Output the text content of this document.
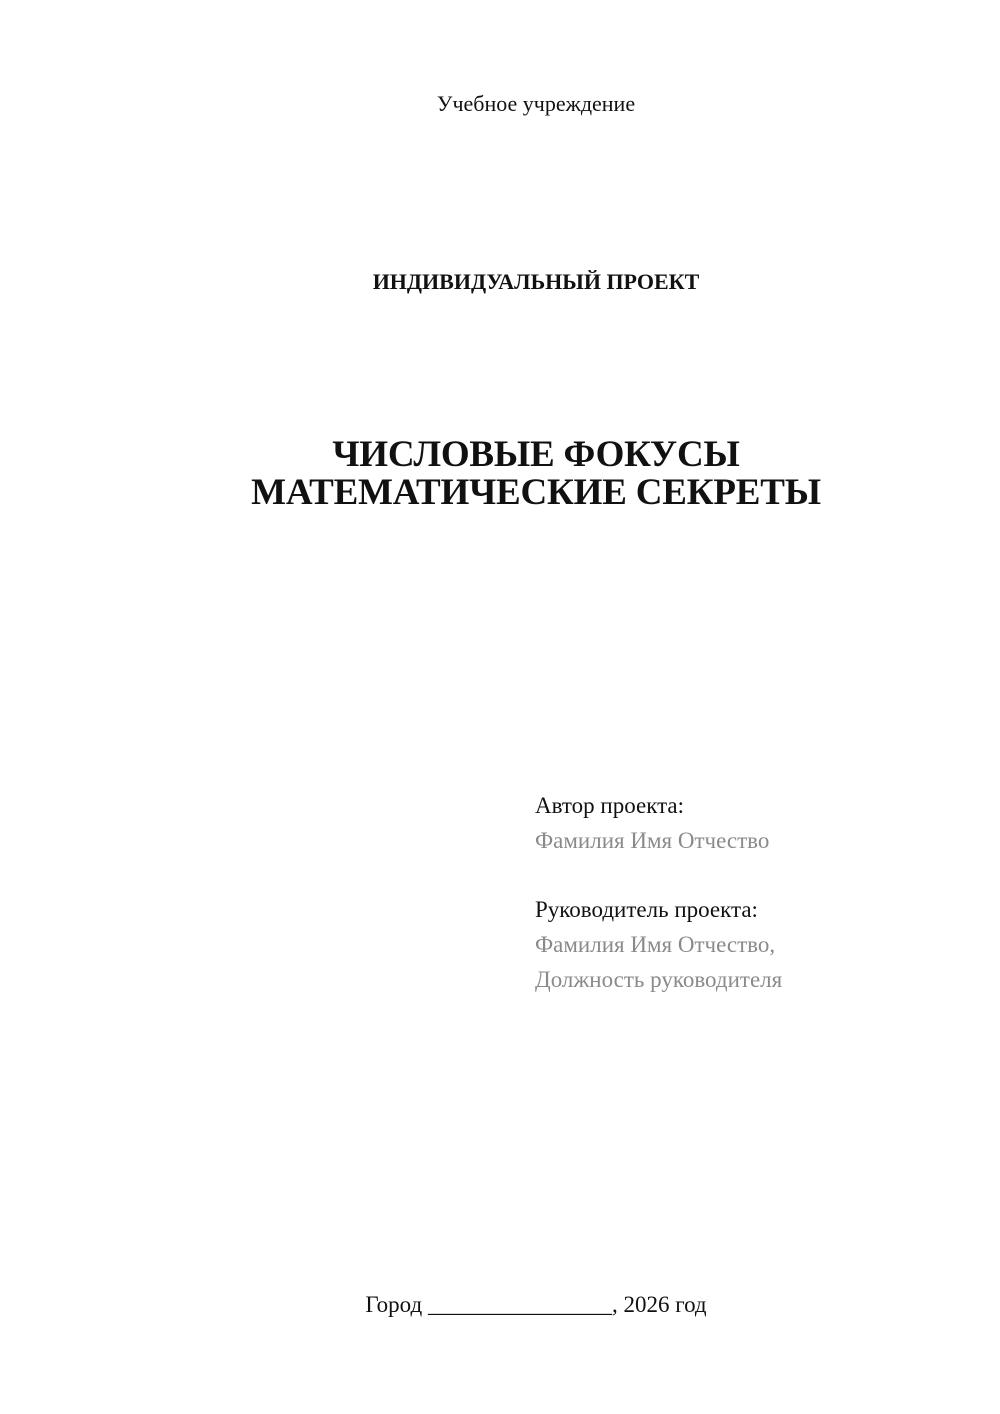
Учебное учреждение
ИНДИВИДУАЛЬНЫЙ ПРОЕКТ
ЧИСЛОВЫЕ ФОКУСЫ
МАТЕМАТИЧЕСКИЕ СЕКРЕТЫ
Автор проекта:
Фамилия Имя Отчество
Руководитель проекта:
Фамилия Имя Отчество,
Должность руководителя
Город ________________, 2026 год
